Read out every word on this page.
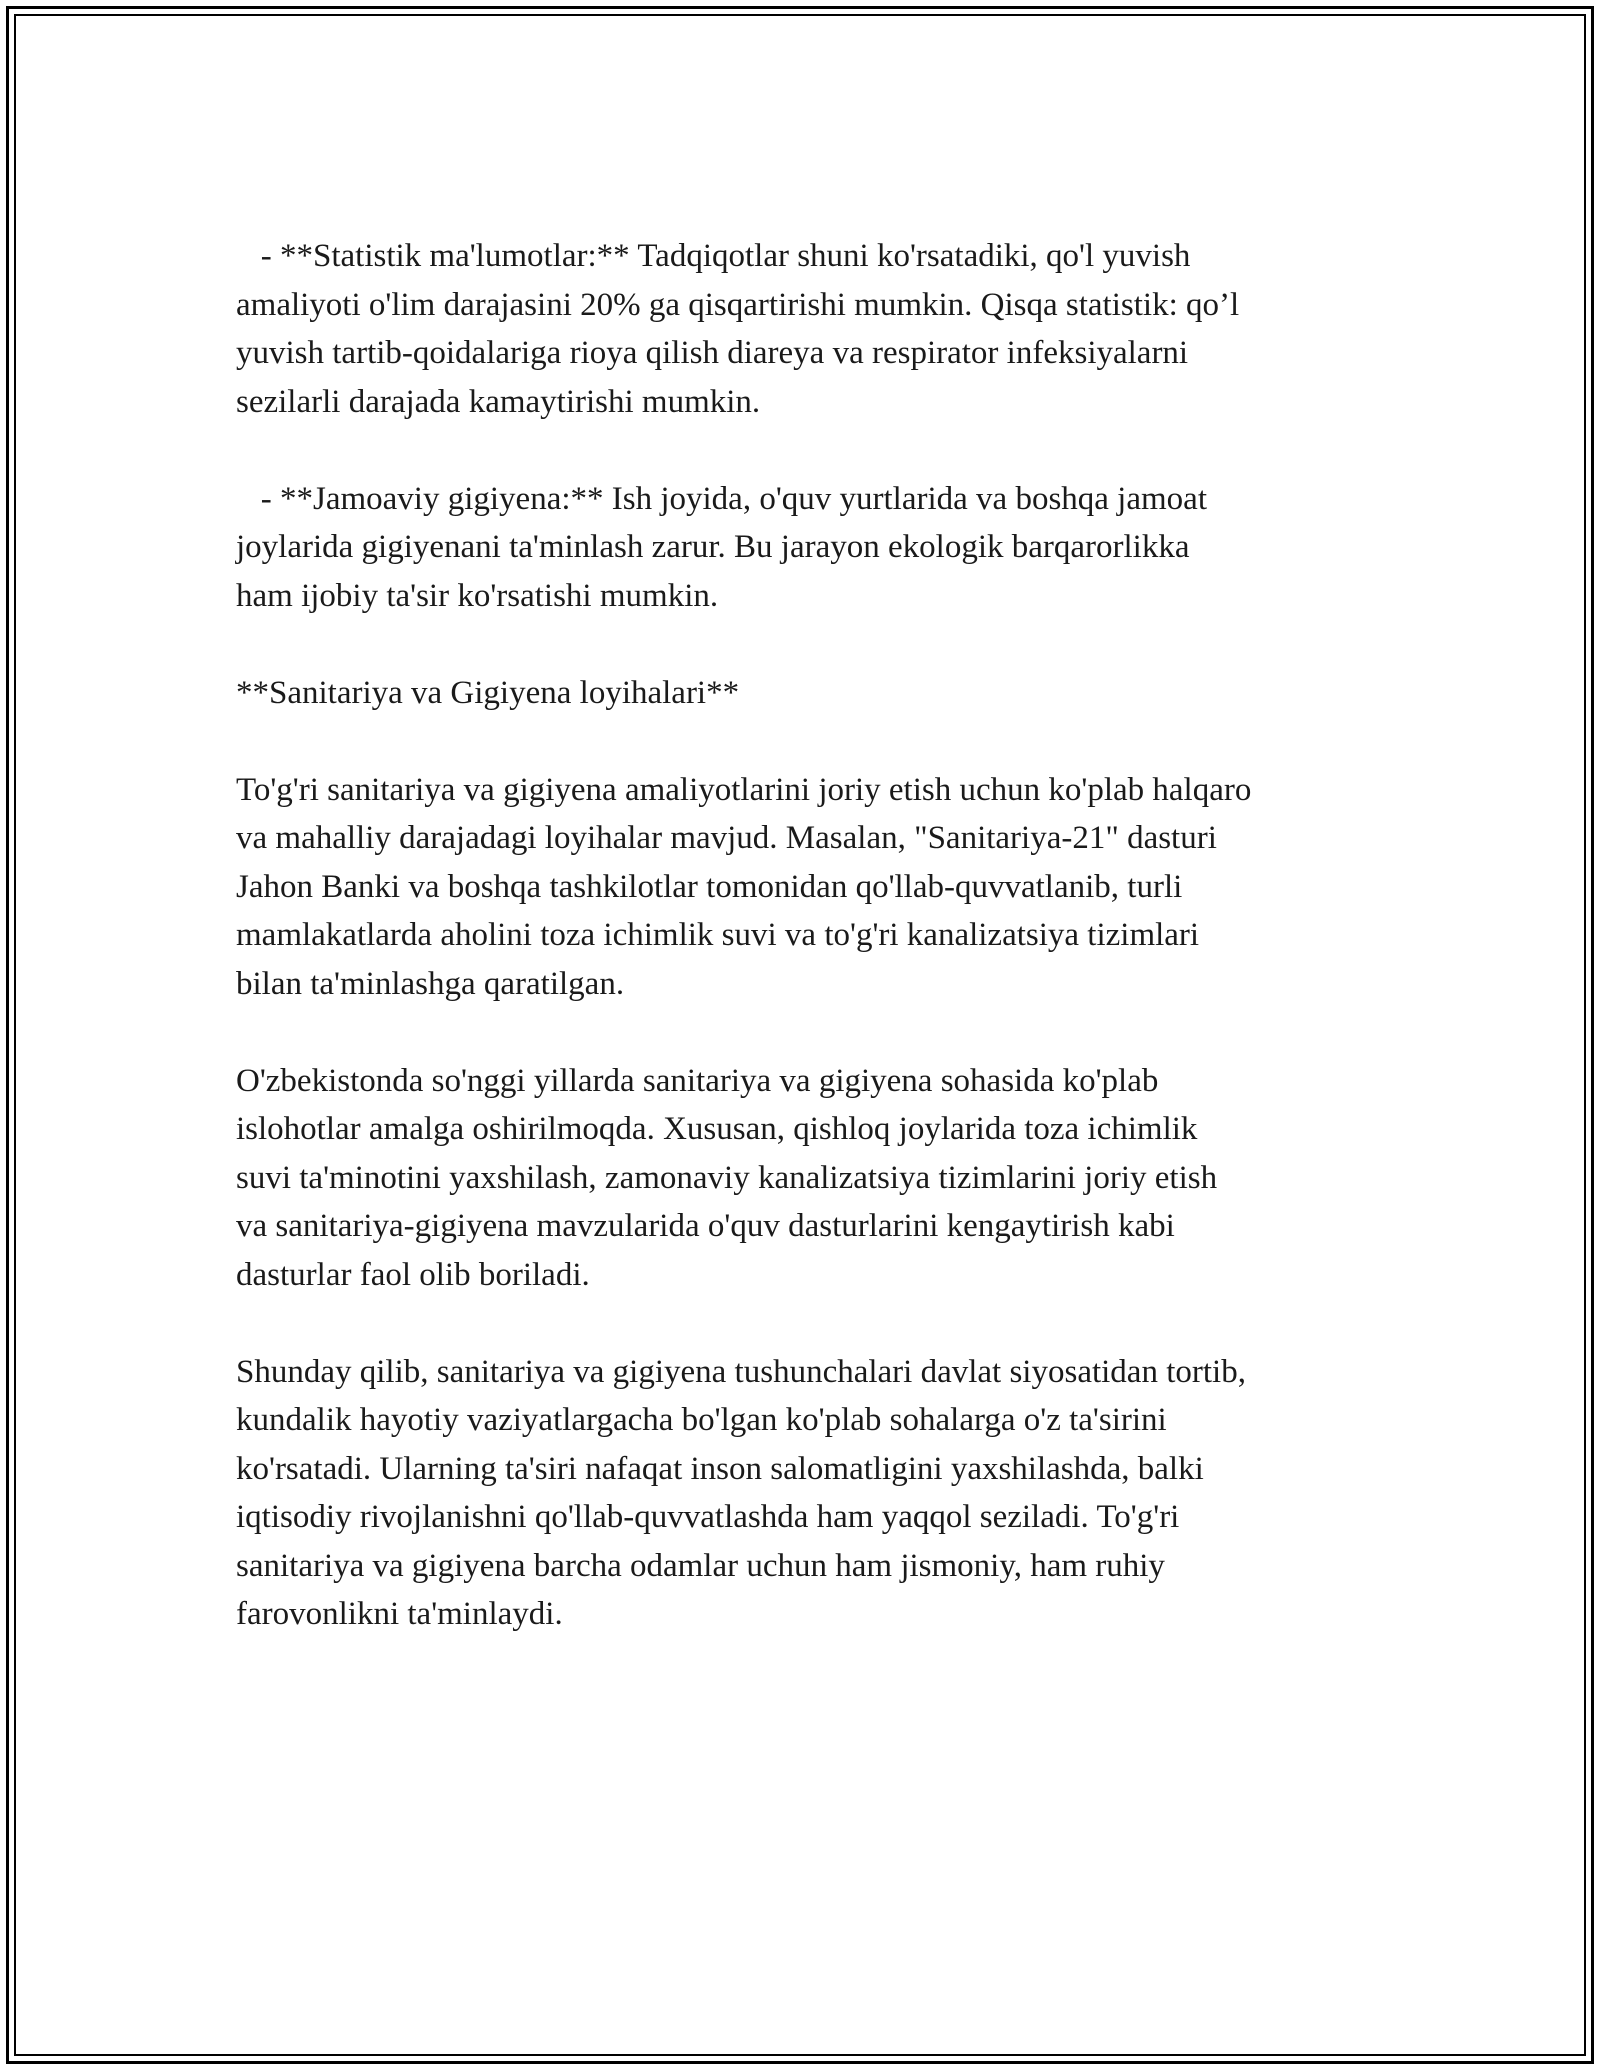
- **Statistik ma'lumotlar:** Tadqiqotlar shuni ko'rsatadiki, qo'l yuvish
amaliyoti o'lim darajasini 20% ga qisqartirishi mumkin. Qisqa statistik: qo’l
yuvish tartib-qoidalariga rioya qilish diareya va respirator infeksiyalarni
sezilarli darajada kamaytirishi mumkin.

- **Jamoaviy gigiyena:** Ish joyida, o'quv yurtlarida va boshqa jamoat
joylarida gigiyenani ta'minlash zarur. Bu jarayon ekologik barqarorlikka
ham ijobiy ta'sir ko'rsatishi mumkin.

**Sanitariya va Gigiyena loyihalari**

To'g'ri sanitariya va gigiyena amaliyotlarini joriy etish uchun ko'plab halqaro
va mahalliy darajadagi loyihalar mavjud. Masalan, "Sanitariya-21" dasturi
Jahon Banki va boshqa tashkilotlar tomonidan qo'llab-quvvatlanib, turli
mamlakatlarda aholini toza ichimlik suvi va to'g'ri kanalizatsiya tizimlari
bilan ta'minlashga qaratilgan.

O'zbekistonda so'nggi yillarda sanitariya va gigiyena sohasida ko'plab
islohotlar amalga oshirilmoqda. Xususan, qishloq joylarida toza ichimlik
suvi ta'minotini yaxshilash, zamonaviy kanalizatsiya tizimlarini joriy etish
va sanitariya-gigiyena mavzularida o'quv dasturlarini kengaytirish kabi
dasturlar faol olib boriladi.

Shunday qilib, sanitariya va gigiyena tushunchalari davlat siyosatidan tortib,
kundalik hayotiy vaziyatlargacha bo'lgan ko'plab sohalarga o'z ta'sirini
ko'rsatadi. Ularning ta'siri nafaqat inson salomatligini yaxshilashda, balki
iqtisodiy rivojlanishni qo'llab-quvvatlashda ham yaqqol seziladi. To'g'ri
sanitariya va gigiyena barcha odamlar uchun ham jismoniy, ham ruhiy
farovonlikni ta'minlaydi.
